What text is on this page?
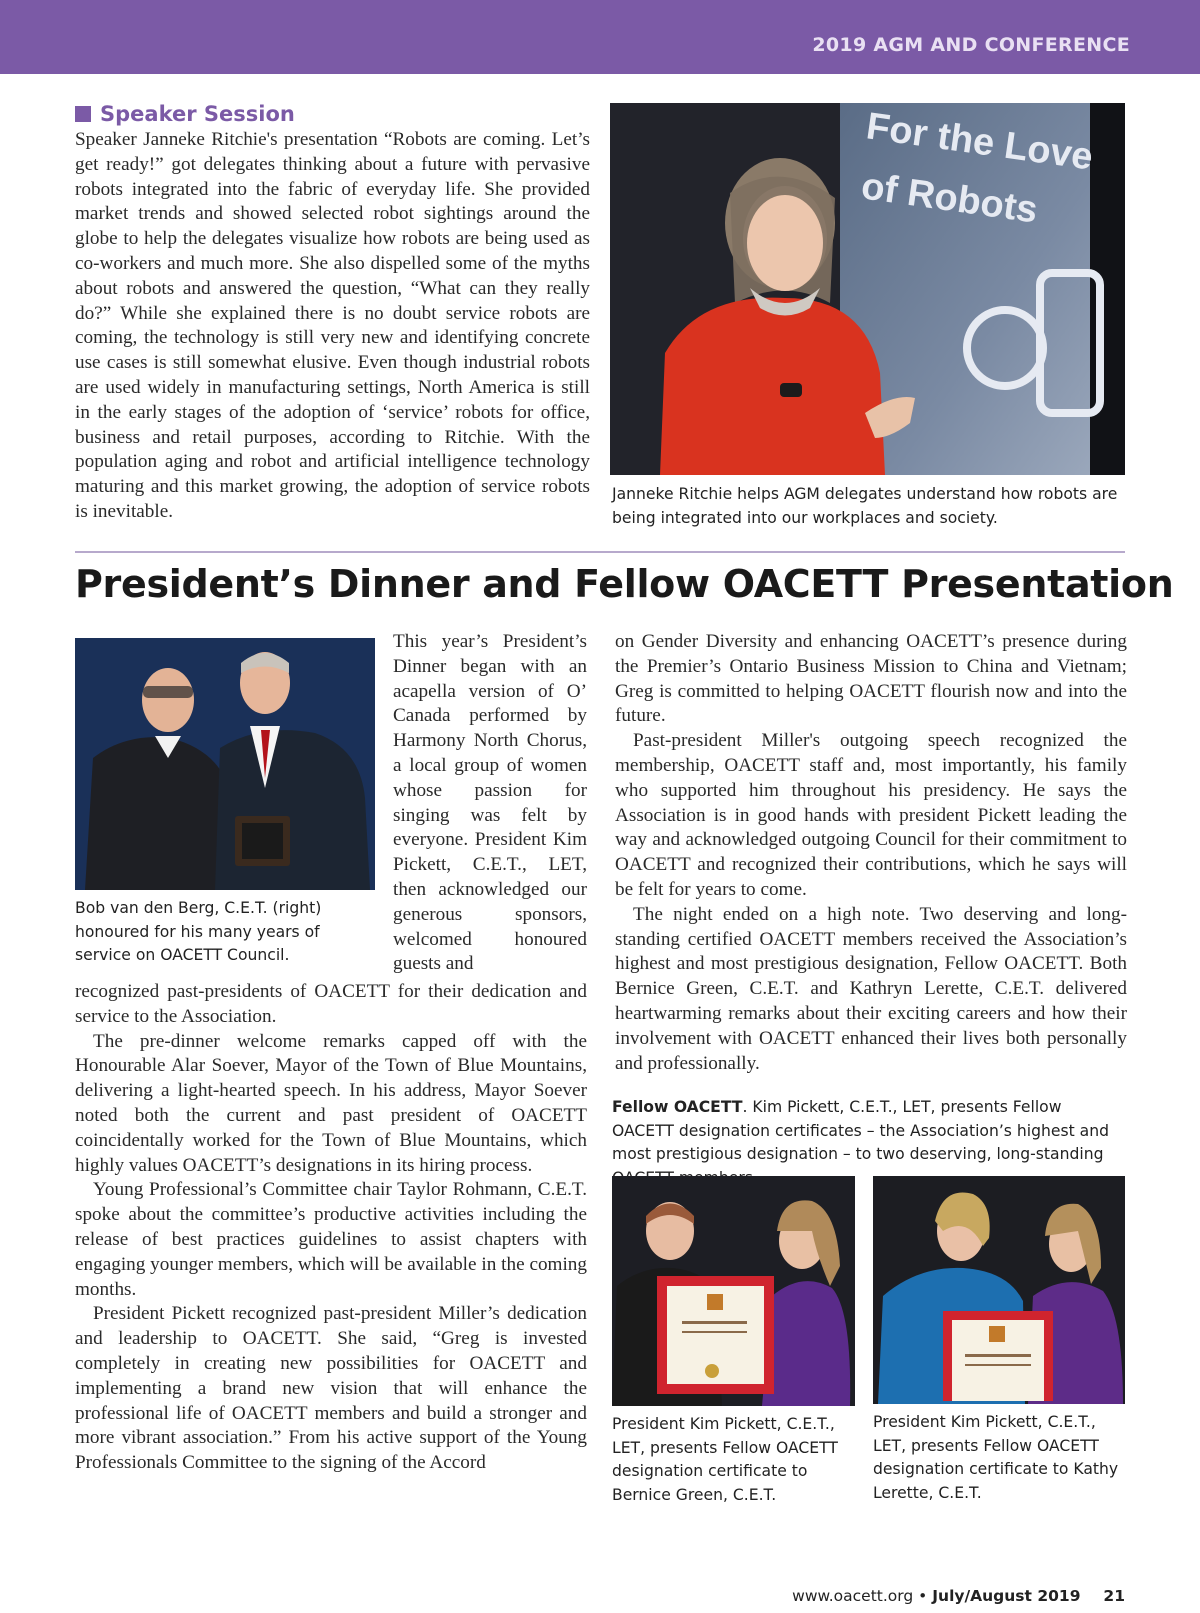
2019 AGM AND CONFERENCE
Speaker Session
Speaker Janneke Ritchie's presentation “Robots are coming. Let’s get ready!” got delegates thinking about a future with pervasive robots integrated into the fabric of everyday life. She provided market trends and showed selected robot sightings around the globe to help the delegates visualize how robots are being used as co-workers and much more. She also dispelled some of the myths about robots and answered the question, “What can they really do?” While she explained there is no doubt service robots are coming, the technology is still very new and identifying concrete use cases is still somewhat elusive. Even though industrial robots are used widely in manufacturing settings, North America is still in the early stages of the adoption of ‘service’ robots for office, business and retail purposes, according to Ritchie. With the population aging and robot and artificial intelligence technology maturing and this market growing, the adoption of service robots is inevitable.
For the Love
of Robots
Janneke Ritchie helps AGM delegates understand how robots are being integrated into our workplaces and society.
President’s Dinner and Fellow OACETT Presentation
Bob van den Berg, C.E.T. (right) honoured for his many years of service on OACETT Council.
This year’s President’s Dinner began with an acapella version of O’ Canada performed by Harmony North Chorus, a local group of women whose passion for singing was felt by everyone. President Kim Pickett, C.E.T., LET, then acknowledged our generous sponsors, welcomed honoured guests and

recognized past-presidents of OACETT for their dedication and service to the Association.

The pre-dinner welcome remarks capped off with the Honourable Alar Soever, Mayor of the Town of Blue Mountains, delivering a light-hearted speech. In his address, Mayor Soever noted both the current and past president of OACETT coincidentally worked for the Town of Blue Mountains, which highly values OACETT’s designations in its hiring process.

Young Professional’s Committee chair Taylor Rohmann, C.E.T. spoke about the committee’s productive activities including the release of best practices guidelines to assist chapters with engaging younger members, which will be available in the coming months.

President Pickett recognized past-president Miller’s dedication and leadership to OACETT. She said, “Greg is invested completely in creating new possibilities for OACETT and implementing a brand new vision that will enhance the professional life of OACETT members and build a stronger and more vibrant association.” From his active support of the Young Professionals Committee to the signing of the Accord

on Gender Diversity and enhancing OACETT’s presence during the Premier’s Ontario Business Mission to China and Vietnam; Greg is committed to helping OACETT flourish now and into the future.

Past-president Miller's outgoing speech recognized the membership, OACETT staff and, most importantly, his family who supported him throughout his presidency. He says the Association is in good hands with president Pickett leading the way and acknowledged outgoing Council for their commitment to OACETT and recognized their contributions, which he says will be felt for years to come.

The night ended on a high note. Two deserving and long-standing certified OACETT members received the Association’s highest and most prestigious designation, Fellow OACETT. Both Bernice Green, C.E.T. and Kathryn Lerette, C.E.T. delivered heartwarming remarks about their exciting careers and how their involvement with OACETT enhanced their lives both personally and professionally.

Fellow OACETT. Kim Pickett, C.E.T., LET, presents Fellow OACETT designation certificates – the Association’s highest and most prestigious designation – to two deserving, long-standing
President Kim Pickett, C.E.T., LET, presents Fellow OACETT designation certificate to Bernice Green, C.E.T.
President Kim Pickett, C.E.T., LET, presents Fellow OACETT designation certificate to Kathy Lerette, C.E.T.
www.oacett.org • July/August 2019 21
